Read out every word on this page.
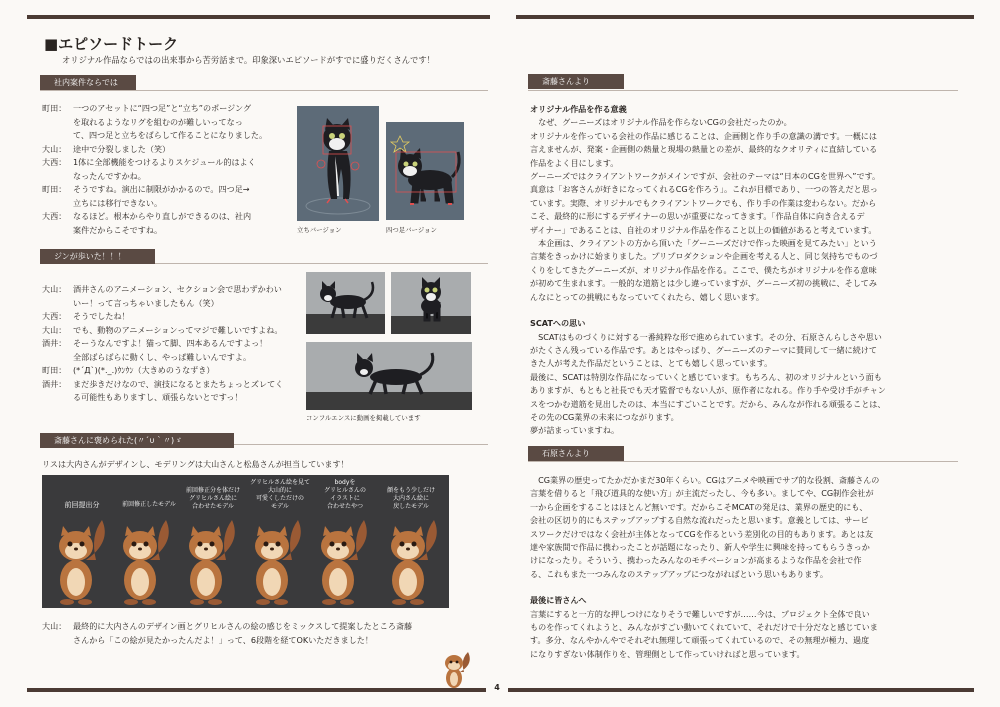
■エピソードトーク
オリジナル作品ならではの出来事から苦労話まで。印象深いエピソードがすでに盛りだくさんです！
社内案件ならでは
町田： 一つのアセットに“四つ足”と“立ち”のポージング
を取れるようなリグを組むのが難しいってなっ
て、四つ足と立ちをばらして作ることになりました。
大山： 途中で分裂しました（笑）
大西： 1体に全部機能をつけるよりスケジュール的はよく
なったんですかね。
町田： そうですね。演出に制限がかかるので。四つ足→
立ちには移行できない。
大西： なるほど。根本からやり直しができるのは、社内
案件だからこそですね。	立ちバージョン	四つ足バージョン
ジンが歩いた！！！
大山： 酒井さんのアニメーション、セクション会で思わずかわい
いー！って言っちゃいましたもん（笑）
大西： そうでしたね！
大山： でも、動物のアニメーションってマジで難しいですよね。
酒井： そーうなんですよ！猫って脚、四本あるんですよっ！
全部ばらばらに動くし、やっぱ難しいんですよ。
町田： (*´Д`)(*._.)ｳﾝｳﾝ（大きめのうなずき）
酒井： まだ歩きだけなので、演技になるとまたちょっとズレてく
る可能性もありますし、頑張らないとですっ！
コンフルエンスに動画を掲載しています
斎藤さんに褒められた(〃´∪｀〃)ゞ
リスは大内さんがデザインし、モデリングは大山さんと松島さんが担当しています！
前回提出分	前回修正したモデル
前回修正分を体だけ
グリヒルさん絵に
合わせたモデル
グリヒルさん絵を見て
大山的に
可愛くしただけの
モデル
bodyを
グリヒルさんの
イラストに
合わせたやつ
顔をもう少しだけ
大内さん絵に
戻したモデル
大山： 最終的に大内さんのデザイン画とグリヒルさんの絵の感じをミックスして提案したところ斎藤
さんから「この絵が見たかったんだよ！」って、6段階を経てOKいただきました！
4
斎藤さんより
オリジナル作品を作る意義
　なぜ、グーニーズはオリジナル作品を作らないCGの会社だったのか。
オリジナルを作っている会社の作品に感じることは、企画側と作り手の意識の溝です。一概には
言えませんが、発案・企画側の熱量と現場の熱量との差が、最終的なクオリティに直結している
作品をよく目にします。
グーニーズではクライアントワークがメインですが、会社のテーマは“日本のCGを世界へ”です。
真意は「お客さんが好きになってくれるCGを作ろう」。これが目標であり、一つの答えだと思っ
ています。実際、オリジナルでもクライアントワークでも、作り手の作業は変わらない。だから
こそ、最終的に形にするデザイナーの思いが重要になってきます。「作品自体に向き合えるデ
ザイナー」であることは、自社のオリジナル作品を作ること以上の価値があると考えています。
　本企画は、クライアントの方から頂いた「グーニーズだけで作った映画を見てみたい」という
言葉をきっかけに始まりました。プリプロダクションや企画を考える人と、同じ気持ちでものづ
くりをしてきたグーニーズが、オリジナル作品を作る。ここで、僕たちがオリジナルを作る意味
が初めて生まれます。一般的な道筋とは少し違っていますが、グーニーズ初の挑戦に、そしてみ
んなにとっての挑戦にもなっていてくれたら、嬉しく思います。
SCATへの思い
　SCATはものづくりに対する一番純粋な形で進められています。その分、石原さんらしさや思い
がたくさん残っている作品です。あとはやっぱり、グーニーズのテーマに賛同して一緒に続けて
きた人が考えた作品だということは、とても嬉しく思っています。
最後に、SCATは特別な作品になっていくと感じています。もちろん、初のオリジナルという面も
ありますが、もともと社長でも天才監督でもない人が、原作者になれる。作り手や受け手がチャン
スをつかむ道筋を見出したのは、本当にすごいことです。だから、みんなが作れる頑張ることは、
その先のCG業界の未来につながります。
夢が詰まっていますね。
石原さんより
　CG業界の歴史ってたかだかまだ30年くらい。CGはアニメや映画でサブ的な役割、斎藤さんの
言葉を借りると「飛び道具的な使い方」が主流だったし、今も多い。ましてや、CG制作会社が
一から企画をすることはほとんど無いです。だからこそMCATの発足は、業界の歴史的にも、
会社の区切り的にもステップアップする自然な流れだったと思います。意義としては、サービ
スワークだけではなく会社が主体となってCGを作るという差別化の目的もあります。あとは友
達や家族間で作品に携わったことが話題になったり、新人や学生に興味を持ってもらうきっか
けになったり。そういう、携わったみんなのモチベーションが高まるような作品を会社で作
る、これもまた一つみんなのステップアップにつながればという思いもあります。
最後に皆さんへ
言葉にすると一方的な押しつけになりそうで難しいですが……今は、プロジェクト全体で良い
ものを作ってくれようと、みんながすごい動いてくれていて、それだけで十分だなと感じていま
す。多分、なんやかんやでそれぞれ無理して頑張ってくれているので、その無理が極力、過度
になりすぎない体制作りを、管理側として作っていければと思っています。
